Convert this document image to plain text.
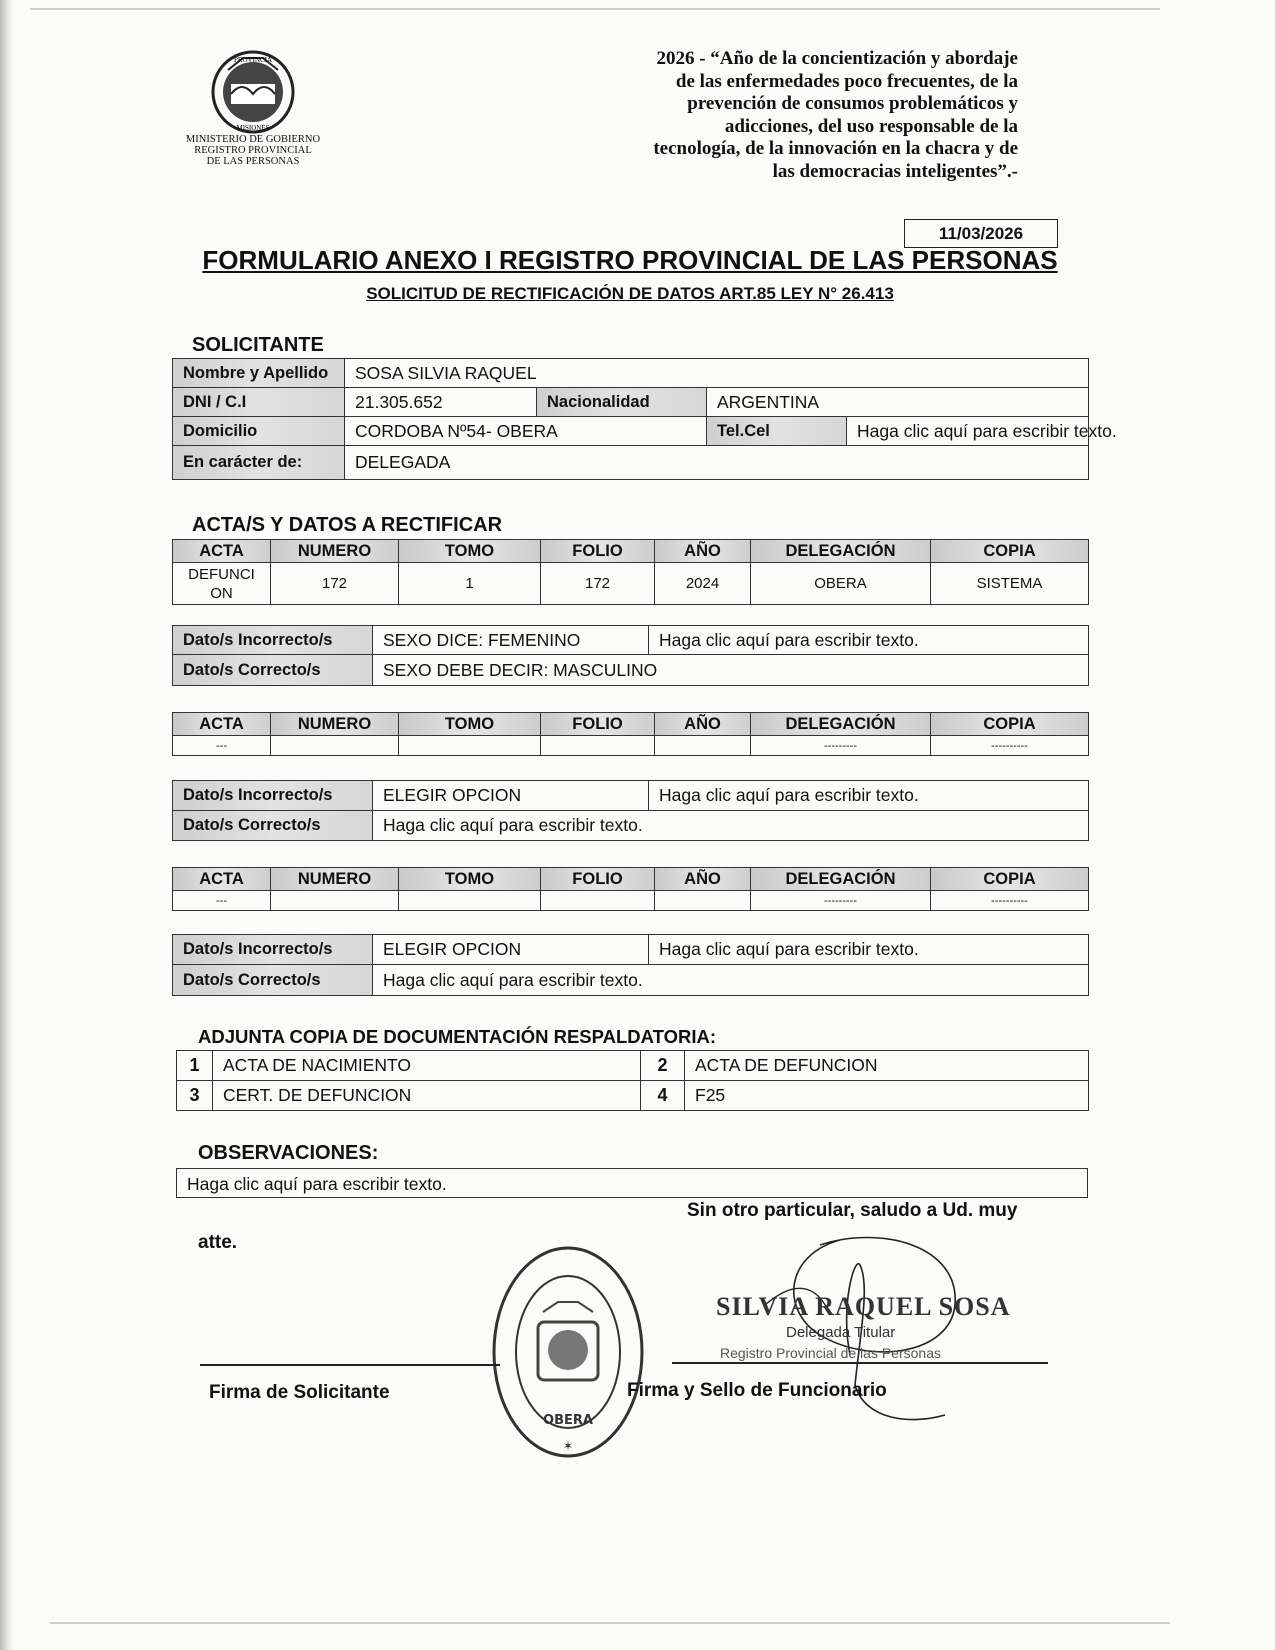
PROVINCIA
MISIONES
MINISTERIO DE GOBIERNO
REGISTRO PROVINCIAL
DE LAS PERSONAS
2026 - “Año de la concientización y abordaje
de las enfermedades poco frecuentes, de la
prevención de consumos problemáticos y
adicciones, del uso responsable de la
tecnología, de la innovación en la chacra y de
las democracias inteligentes”.-
11/03/2026
FORMULARIO ANEXO I REGISTRO PROVINCIAL DE LAS PERSONAS
SOLICITUD DE RECTIFICACIÓN DE DATOS ART.85 LEY N° 26.413
SOLICITANTE
Nombre y Apellido	SOSA SILVIA RAQUEL			
DNI / C.I	21.305.652	Nacionalidad	ARGENTINA	
Domicilio	CORDOBA Nº54- OBERA		Tel.Cel	Haga clic aquí para escribir texto.
En carácter de:	DELEGADA			
ACTA/S Y DATOS A RECTIFICAR
ACTA	NUMERO	TOMO	FOLIO	AÑO	DELEGACIÓN	COPIA
DEFUNCI ON	172	1	172	2024	OBERA	SISTEMA
Dato/s Incorrecto/s	SEXO DICE: FEMENINO	Haga clic aquí para escribir texto.
Dato/s Correcto/s	SEXO DEBE DECIR: MASCULINO	
ACTA	NUMERO	TOMO	FOLIO	AÑO	DELEGACIÓN	COPIA
---					---------	----------
Dato/s Incorrecto/s	ELEGIR OPCION	Haga clic aquí para escribir texto.
Dato/s Correcto/s	Haga clic aquí para escribir texto.	
ACTA	NUMERO	TOMO	FOLIO	AÑO	DELEGACIÓN	COPIA
---					---------	----------
Dato/s Incorrecto/s	ELEGIR OPCION	Haga clic aquí para escribir texto.
Dato/s Correcto/s	Haga clic aquí para escribir texto.	
ADJUNTA COPIA DE DOCUMENTACIÓN RESPALDATORIA:
1	ACTA DE NACIMIENTO	2	ACTA DE DEFUNCION
3	CERT. DE DEFUNCION	4	F25
OBSERVACIONES:
Haga clic aquí para escribir texto.
Sin otro particular, saludo a Ud. muy
atte.
OBERA
✶
SILVIA RAQUEL SOSA
Delegada Titular
Registro Provincial de las Personas
Firma de Solicitante	Firma y Sello de Funcionario
